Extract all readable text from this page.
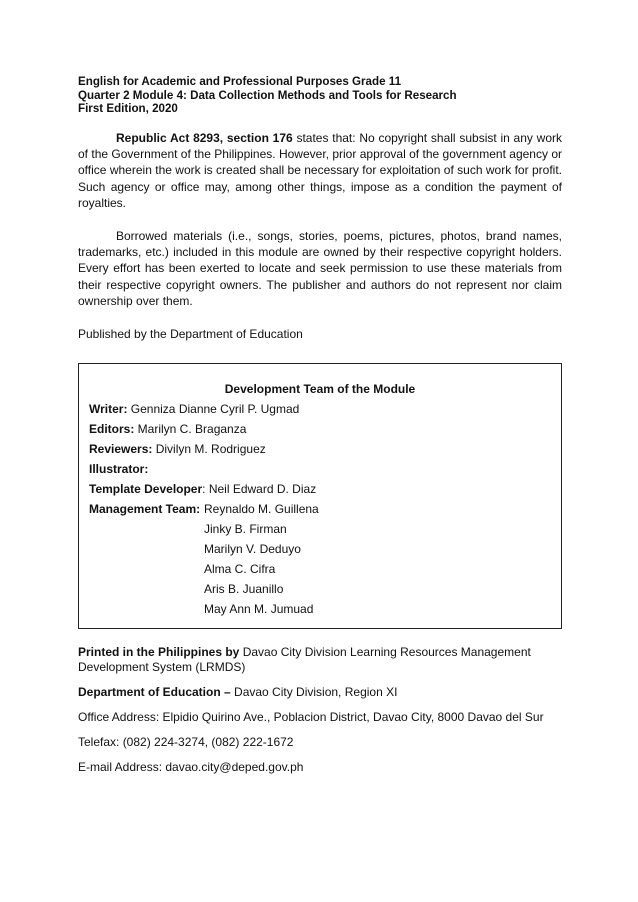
English for Academic and Professional Purposes Grade 11
Quarter 2 Module 4: Data Collection Methods and Tools for Research
First Edition, 2020

Republic Act 8293, section 176 states that: No copyright shall subsist in any work of the Government of the Philippines. However, prior approval of the government agency or office wherein the work is created shall be necessary for exploitation of such work for profit. Such agency or office may, among other things, impose as a condition the payment of royalties.

Borrowed materials (i.e., songs, stories, poems, pictures, photos, brand names, trademarks, etc.) included in this module are owned by their respective copyright holders. Every effort has been exerted to locate and seek permission to use these materials from their respective copyright owners. The publisher and authors do not represent nor claim ownership over them.

Published by the Department of Education

Development Team of the Module
Writer: Genniza Dianne Cyril P. Ugmad
Editors: Marilyn C. Braganza
Reviewers: Divilyn M. Rodriguez
Illustrator:
Template Developer: Neil Edward D. Diaz
Management Team: Reynaldo M. Guillena
Jinky B. Firman
Marilyn V. Deduyo
Alma C. Cifra
Aris B. Juanillo
May Ann M. Jumuad
Printed in the Philippines by Davao City Division Learning Resources Management Development System (LRMDS)
Department of Education – Davao City Division, Region XI
Office Address: Elpidio Quirino Ave., Poblacion District, Davao City, 8000 Davao del Sur
Telefax: (082) 224-3274, (082) 222-1672
E-mail Address: davao.city@deped.gov.ph
